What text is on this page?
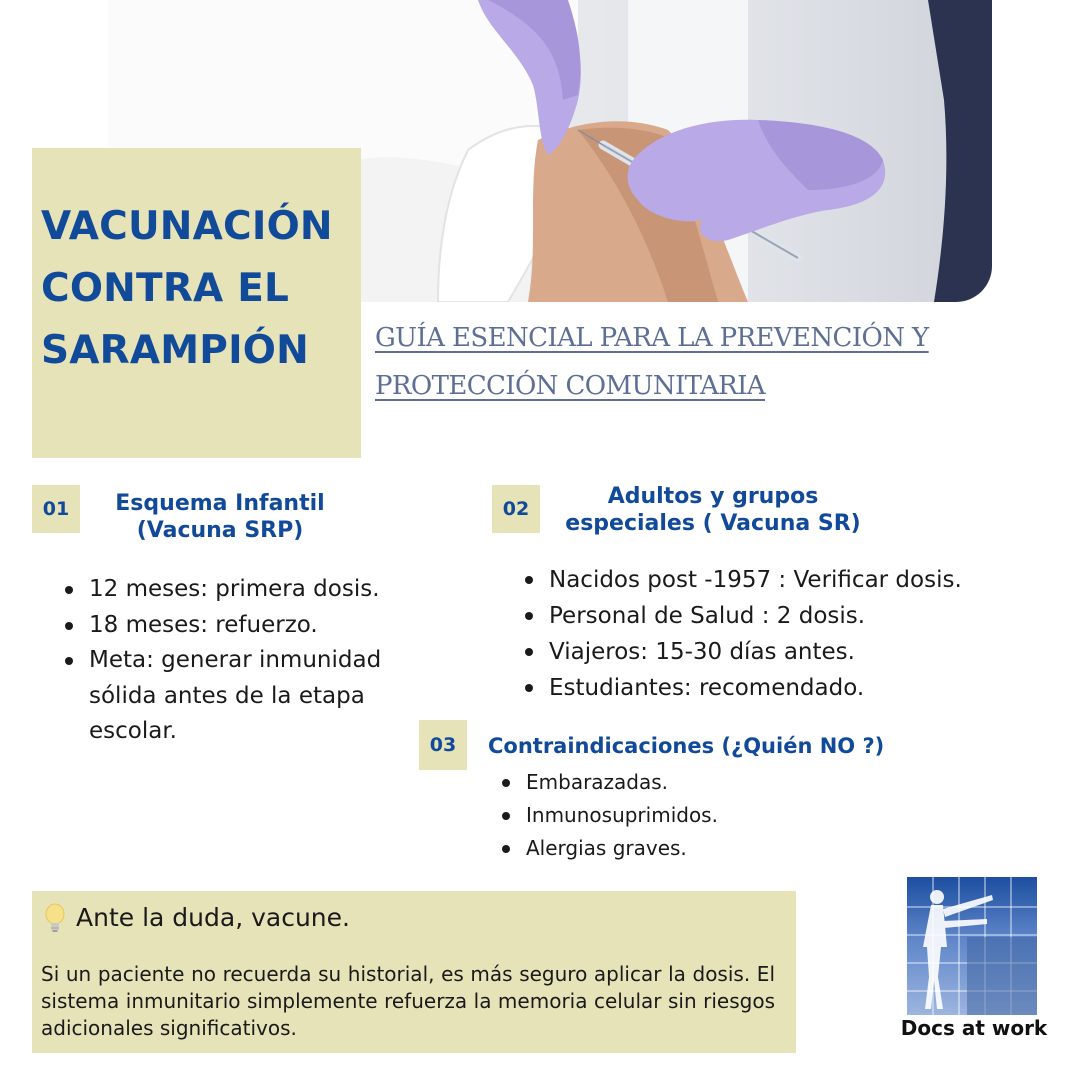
VACUNACIÓN
CONTRA EL
SARAMPIÓN	GUÍA ESENCIAL PARA LA PREVENCIÓN Y
PROTECCIÓN COMUNITARIA
01	Esquema Infantil
(Vacuna SRP)
12 meses: primera dosis.
18 meses: refuerzo.
Meta: generar inmunidad sólida antes de la etapa escolar.
02	Adultos y grupos
especiales ( Vacuna SR)
Nacidos post -1957 : Verificar dosis.
Personal de Salud : 2 dosis.
Viajeros: 15-30 días antes.
Estudiantes: recomendado.
03	Contraindicaciones (¿Quién NO ?)
Embarazadas.
Inmunosuprimidos.
Alergias graves.
Ante la duda, vacune.
Si un paciente no recuerda su historial, es más seguro aplicar la dosis. El sistema inmunitario simplemente refuerza la memoria celular sin riesgos adicionales significativos.	Docs at work
